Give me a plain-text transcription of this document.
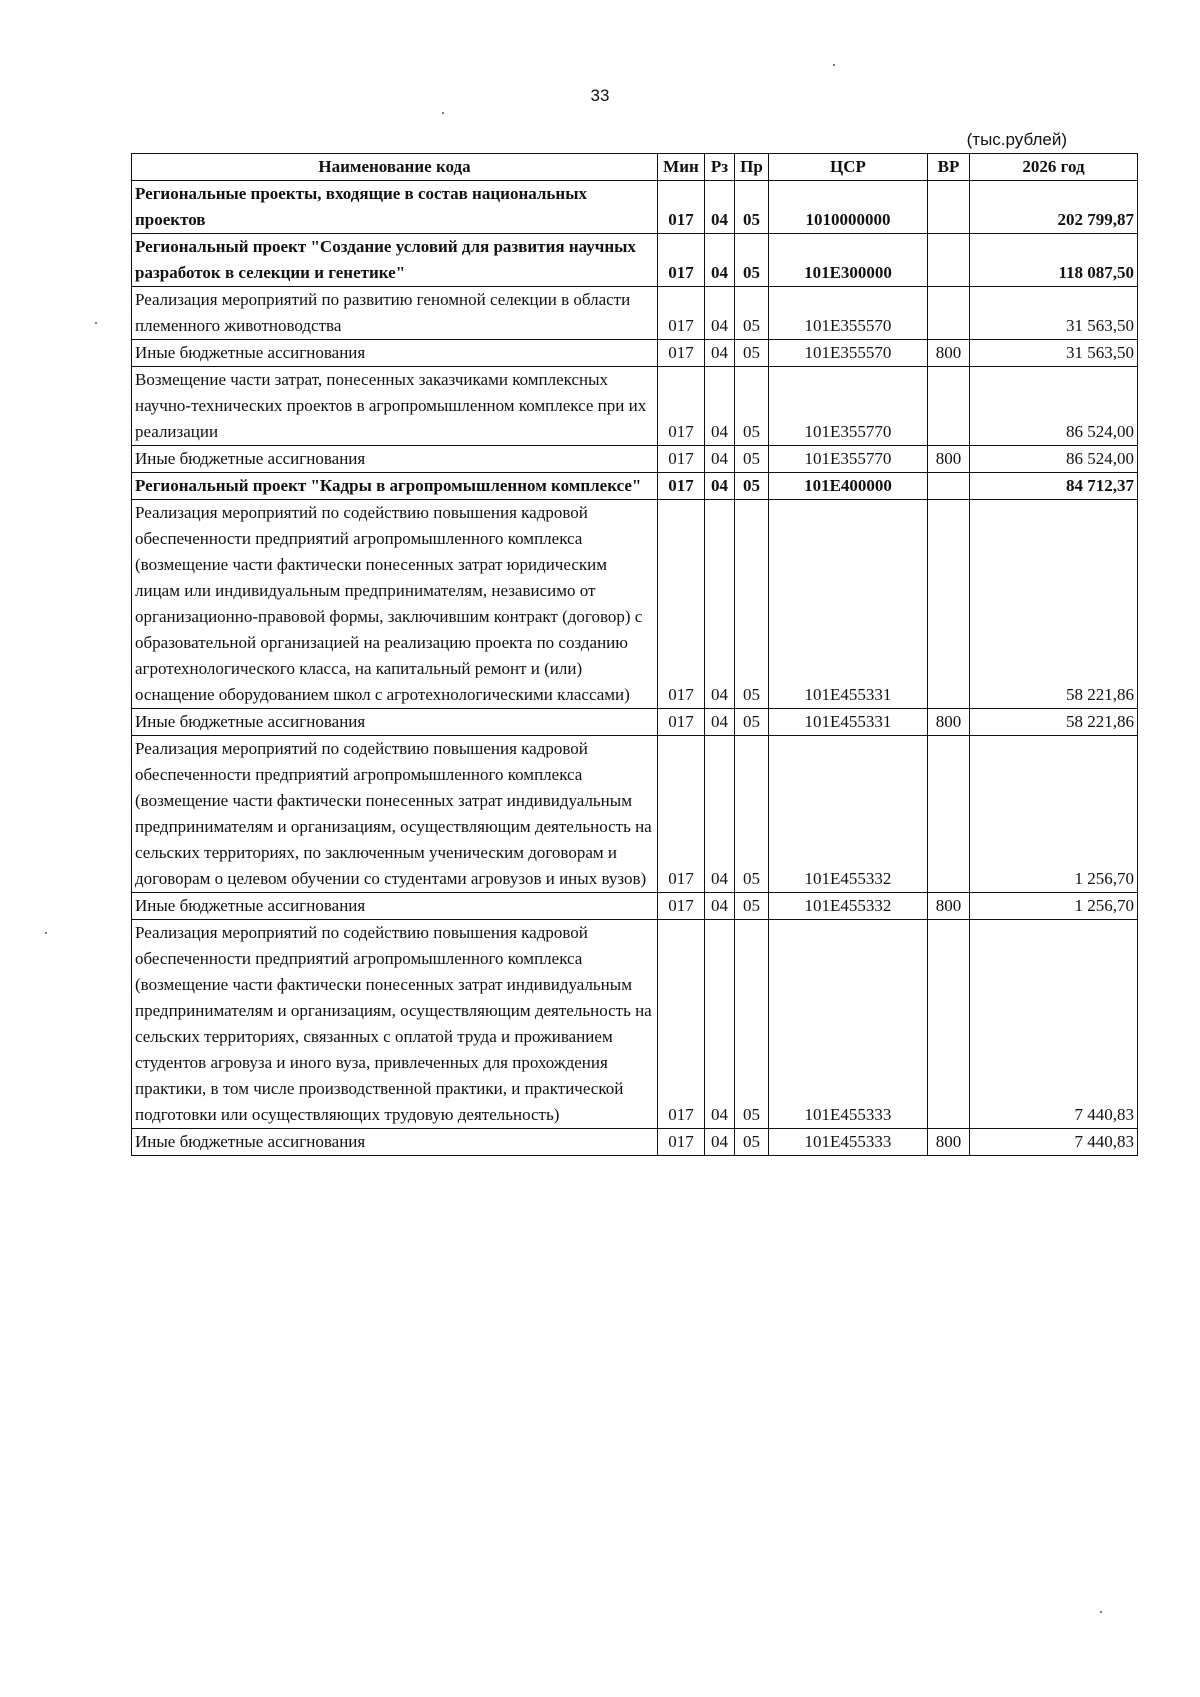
33
(тыс.рублей)
Наименование кода	Мин	Рз	Пр	ЦСР	ВР	2026 год
Региональные проекты, входящие в состав национальных проектов	017	04	05	1010000000		202 799,87
Региональный проект "Создание условий для развития научных разработок в селекции и генетике"	017	04	05	101E300000		118 087,50
Реализация мероприятий по развитию геномной селекции в области племенного животноводства	017	04	05	101E355570		31 563,50
Иные бюджетные ассигнования	017	04	05	101E355570	800	31 563,50
Возмещение части затрат, понесенных заказчиками комплексных научно-технических проектов в агропромышленном комплексе при их реализации	017	04	05	101E355770		86 524,00
Иные бюджетные ассигнования	017	04	05	101E355770	800	86 524,00
Региональный проект "Кадры в агропромышленном комплексе"	017	04	05	101E400000		84 712,37
Реализация мероприятий по содействию повышения кадровой обеспеченности предприятий агропромышленного комплекса (возмещение части фактически понесенных затрат юридическим лицам или индивидуальным предпринимателям, независимо от организационно-правовой формы, заключившим контракт (договор) с образовательной организацией на реализацию проекта по созданию агротехнологического класса, на капитальный ремонт и (или) оснащение оборудованием школ с агротехнологическими классами)	017	04	05	101E455331		58 221,86
Иные бюджетные ассигнования	017	04	05	101E455331	800	58 221,86
Реализация мероприятий по содействию повышения кадровой обеспеченности предприятий агропромышленного комплекса (возмещение части фактически понесенных затрат индивидуальным предпринимателям и организациям, осуществляющим деятельность на сельских территориях, по заключенным ученическим договорам и договорам о целевом обучении со студентами агровузов и иных вузов)	017	04	05	101E455332		1 256,70
Иные бюджетные ассигнования	017	04	05	101E455332	800	1 256,70
Реализация мероприятий по содействию повышения кадровой обеспеченности предприятий агропромышленного комплекса (возмещение части фактически понесенных затрат индивидуальным предпринимателям и организациям, осуществляющим деятельность на сельских территориях, связанных с оплатой труда и проживанием студентов агровуза и иного вуза, привлеченных для прохождения практики, в том числе производственной практики, и практической подготовки или осуществляющих трудовую деятельность)	017	04	05	101E455333		7 440,83
Иные бюджетные ассигнования	017	04	05	101E455333	800	7 440,83
